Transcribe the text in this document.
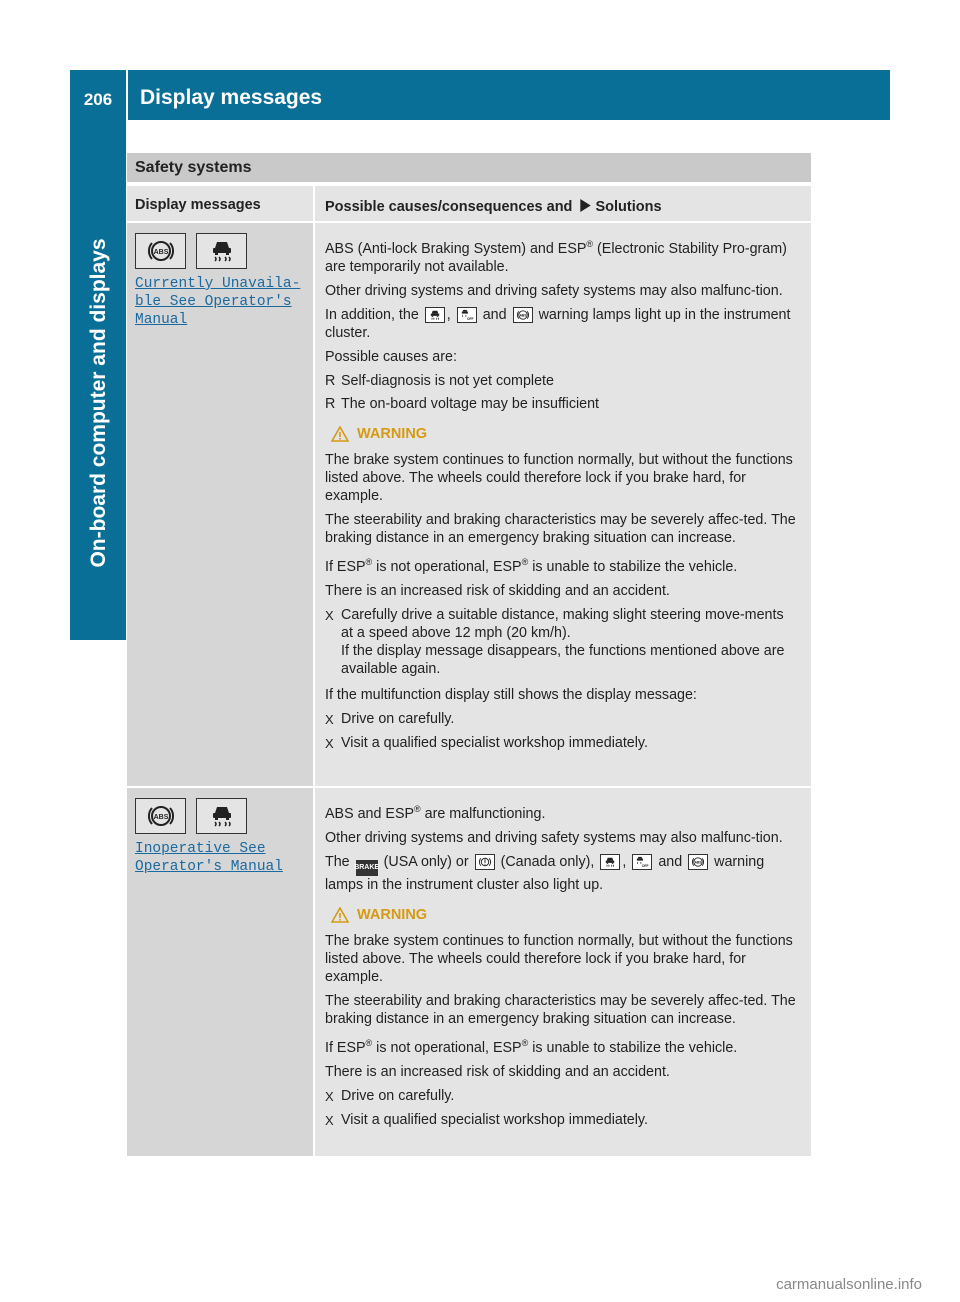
206	Display messages
On-board computer and displays
Safety systems
Display messages	Possible causes/consequences and Solutions
Currently Unavaila‑
ble See Operator's
Manual

ABS (Anti-lock Braking System) and ESP® (Electronic Stability Pro-gram) are temporarily not available.

Other driving systems and driving safety systems may also malfunc-tion.

In addition, the , and warning lamps light up in the instrument cluster.

Possible causes are:

R Self-diagnosis is not yet complete
R The on-board voltage may be insufficient
WARNING

The brake system continues to function normally, but without the functions listed above. The wheels could therefore lock if you brake hard, for example.

The steerability and braking characteristics may be severely affec-ted. The braking distance in an emergency braking situation can increase.

If ESP® is not operational, ESP® is unable to stabilize the vehicle.

There is an increased risk of skidding and an accident.

X Carefully drive a suitable distance, making slight steering move-ments at a speed above 12 mph (20 km/h).
If the display message disappears, the functions mentioned above are available again.

If the multifunction display still shows the display message:

X Drive on carefully.
X Visit a qualified specialist workshop immediately.
Inoperative See
Operator's Manual

ABS and ESP® are malfunctioning.

Other driving systems and driving safety systems may also malfunc-tion.

The BRAKE (USA only) or (Canada only), , and warning lamps in the instrument cluster also light up.

WARNING

The brake system continues to function normally, but without the functions listed above. The wheels could therefore lock if you brake hard, for example.

The steerability and braking characteristics may be severely affec-ted. The braking distance in an emergency braking situation can increase.

If ESP® is not operational, ESP® is unable to stabilize the vehicle.

There is an increased risk of skidding and an accident.

X Drive on carefully.
X Visit a qualified specialist workshop immediately.
carmanualsonline.info
